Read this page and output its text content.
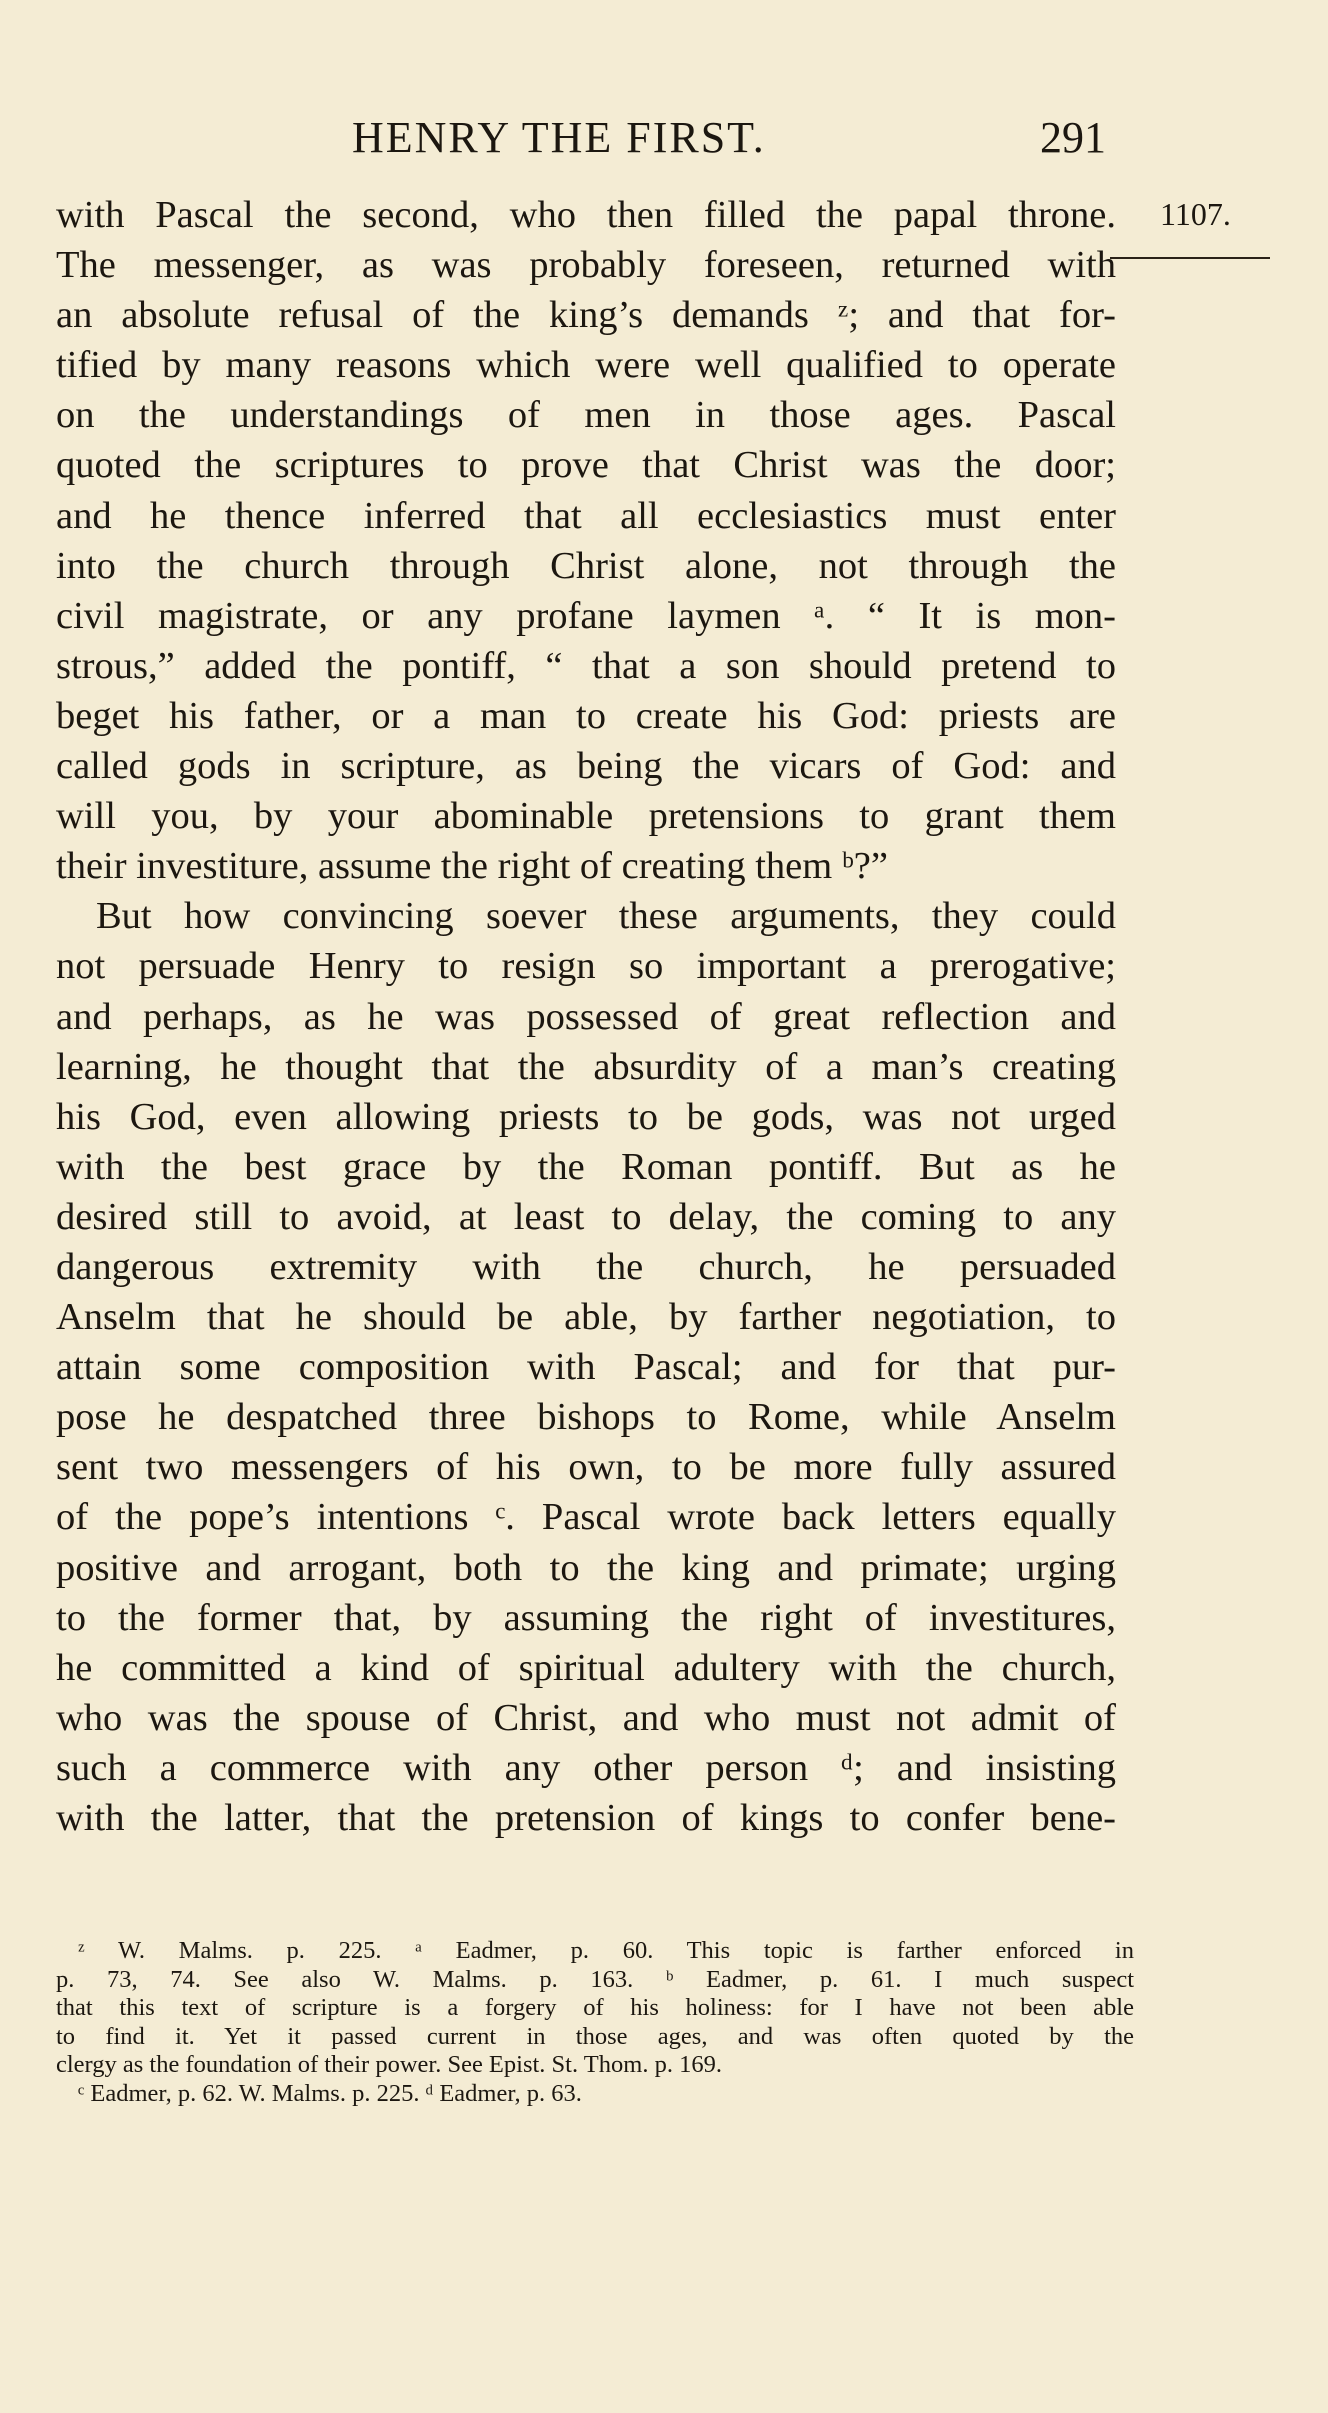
HENRY THE FIRST.	291
1107.
with Pascal the second, who then filled the papal throne.
The messenger, as was probably foreseen, returned with
an absolute refusal of the king’s demands ᶻ; and that for-
tified by many reasons which were well qualified to operate
on the understandings of men in those ages. Pascal
quoted the scriptures to prove that Christ was the door;
and he thence inferred that all ecclesiastics must enter
into the church through Christ alone, not through the
civil magistrate, or any profane laymen ᵃ. “ It is mon-
strous,” added the pontiff, “ that a son should pretend to
beget his father, or a man to create his God: priests are
called gods in scripture, as being the vicars of God: and
will you, by your abominable pretensions to grant them
their investiture, assume the right of creating them ᵇ?”
But how convincing soever these arguments, they could
not persuade Henry to resign so important a prerogative;
and perhaps, as he was possessed of great reflection and
learning, he thought that the absurdity of a man’s creating
his God, even allowing priests to be gods, was not urged
with the best grace by the Roman pontiff. But as he
desired still to avoid, at least to delay, the coming to any
dangerous extremity with the church, he persuaded
Anselm that he should be able, by farther negotiation, to
attain some composition with Pascal; and for that pur-
pose he despatched three bishops to Rome, while Anselm
sent two messengers of his own, to be more fully assured
of the pope’s intentions ᶜ. Pascal wrote back letters equally
positive and arrogant, both to the king and primate; urging
to the former that, by assuming the right of investitures,
he committed a kind of spiritual adultery with the church,
who was the spouse of Christ, and who must not admit of
such a commerce with any other person ᵈ; and insisting
with the latter, that the pretension of kings to confer bene-
ᶻ W. Malms. p. 225. ᵃ Eadmer, p. 60. This topic is farther enforced in
p. 73, 74. See also W. Malms. p. 163. ᵇ Eadmer, p. 61. I much suspect
that this text of scripture is a forgery of his holiness: for I have not been able
to find it. Yet it passed current in those ages, and was often quoted by the
clergy as the foundation of their power. See Epist. St. Thom. p. 169.
ᶜ Eadmer, p. 62. W. Malms. p. 225. ᵈ Eadmer, p. 63.
